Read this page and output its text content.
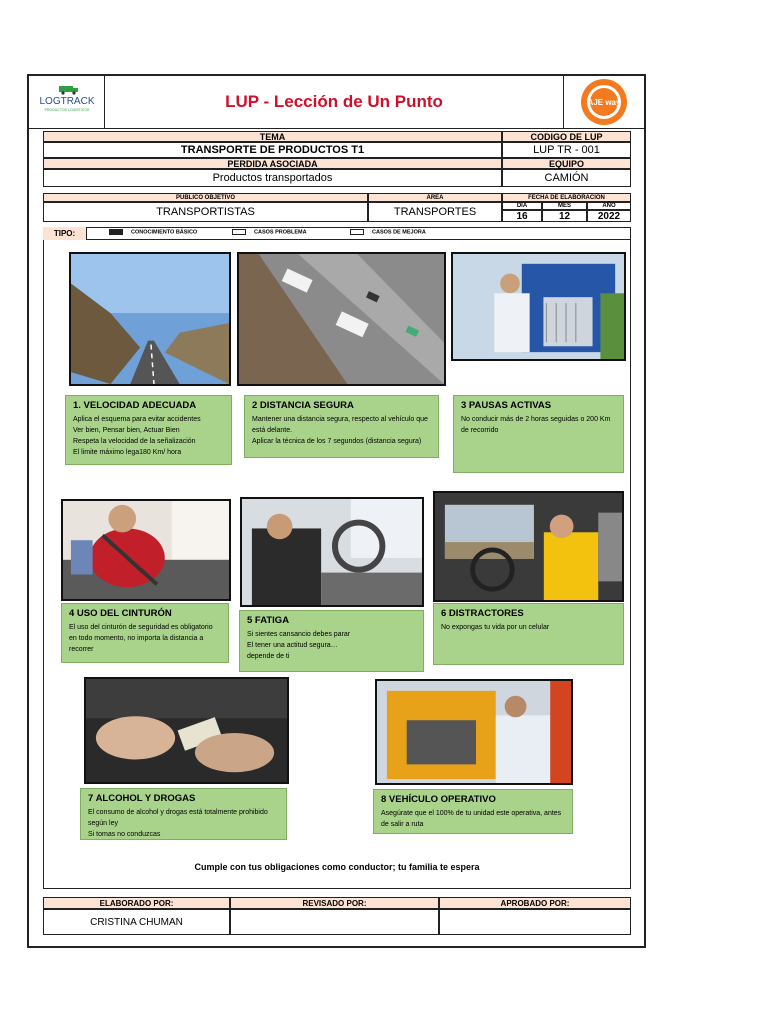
LOGTRACK
PRODUCTOS LOGISTICOS	LUP - Lección de Un Punto	AJE way
TEMA
TRANSPORTE DE PRODUCTOS T1
PERDIDA ASOCIADA
Productos transportados
CODIGO DE LUP
LUP TR - 001
EQUIPO
CAMIÓN
PUBLICO OBJETIVO
TRANSPORTISTAS
ÁREA
TRANSPORTES
FECHA DE ELABORACION
DIA	MES	AÑO
16	12	2022
TIPO:	CONOCIMIENTO BÁSICO	CASOS PROBLEMA	CASOS DE MEJORA
1. VELOCIDAD ADECUADA
Aplica el esquema para evitar accidentes
Ver bien, Pensar bien, Actuar Bien
Respeta la velocidad de la señalización
El limite máximo lega180 Km/ hora
2 DISTANCIA SEGURA
Mantener una distancia segura, respecto al vehículo que está delante.
Aplicar la técnica de los 7 segundos (distancia segura)
3 PAUSAS ACTIVAS
No conducir más de 2 horas seguidas o 200 Km de recorrido
4 USO DEL CINTURÓN
El uso del cinturón de seguridad es obligatorio en todo momento, no importa la distancia a recorrer
5 FATIGA
Si sientes cansancio debes parar
El tener una actitud segura…
depende de ti
6 DISTRACTORES
No expongas tu vida por un celular
7 ALCOHOL Y DROGAS
El consumo de alcohol y drogas está totalmente prohibido según ley
Si tomas no conduzcas
8 VEHÍCULO OPERATIVO
Asegúrate que el 100% de tu unidad este operativa, antes de salir a ruta
Cumple con tus obligaciones como conductor; tu familia te espera
ELABORADO POR:	REVISADO POR:	APROBADO POR:
CRISTINA CHUMAN
